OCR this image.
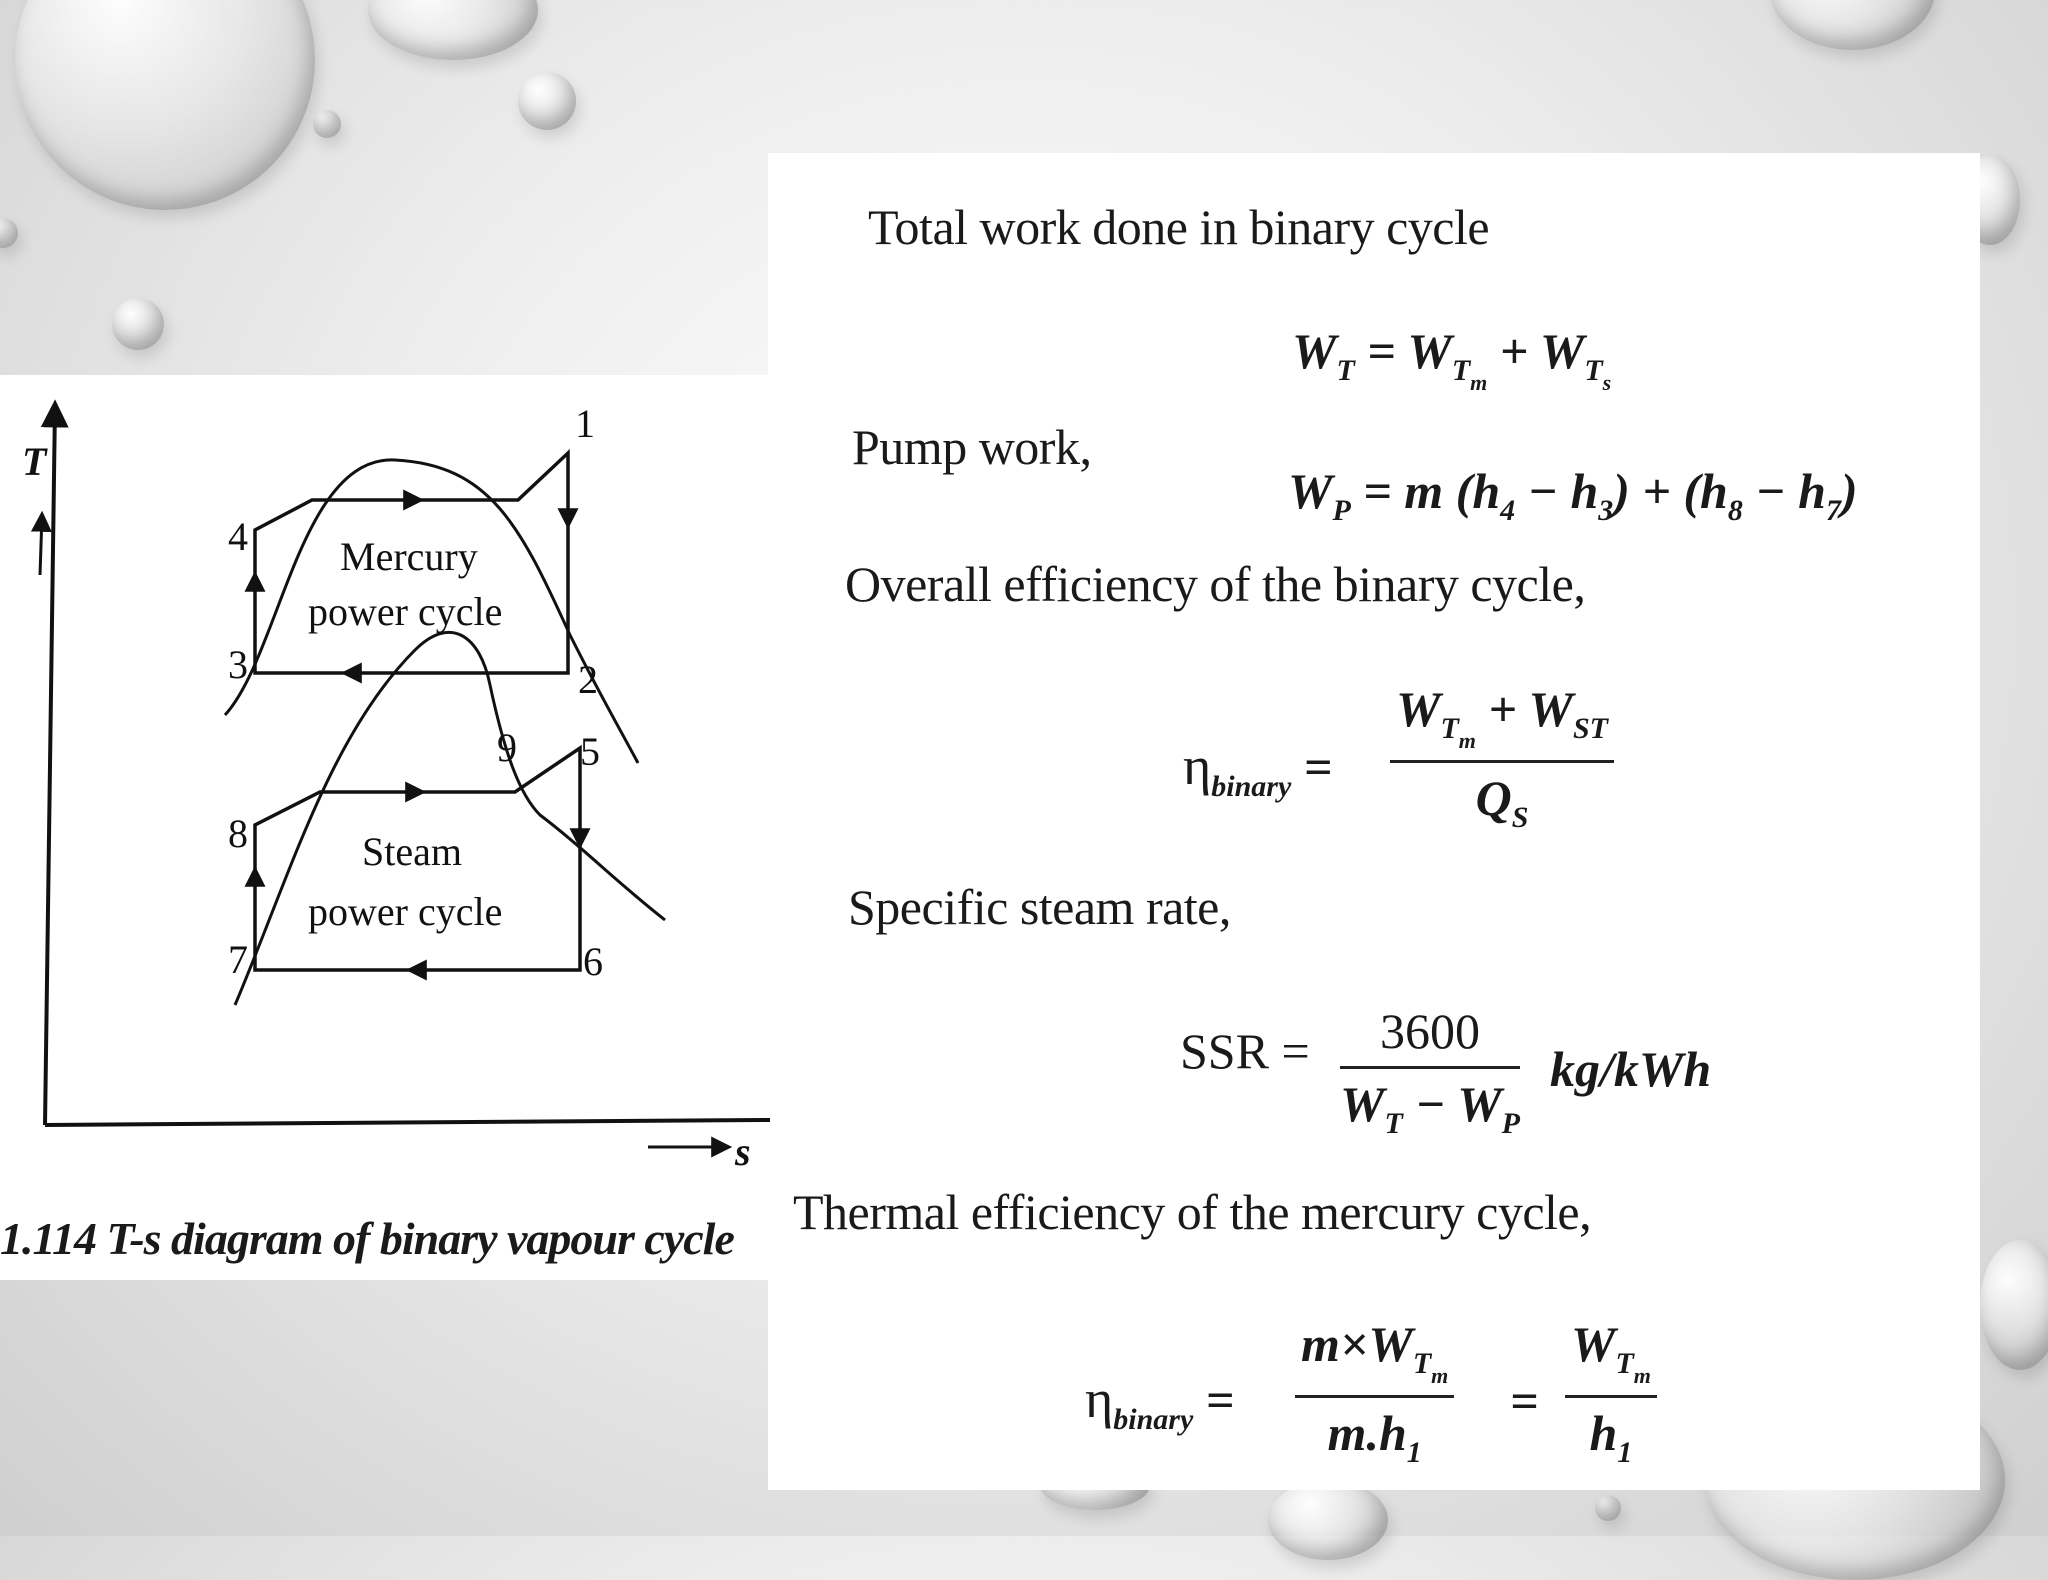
T
s
1
2
3
4
5
6
7
8
9
Mercury
power cycle
Steam
power cycle
1.114 T-s diagram of binary vapour cycle
Total work done in binary cycle
$W_T = W_{T_m} + W_{T_s}$
Pump work,
$W_P = m$ $(h_4 - h_3) + (h_8 - h_7)$
Overall efficiency of the binary cycle,
$\eta_{binary}$ =
$W_{T_m} + W_{ST}$
$Q_S$
Specific steam rate,
SSR = $\frac{3600}{W_T - W_P} kg/kWh$
Thermal efficiency of the mercury cycle,
$\eta_{binary}$ =
$m\times W_{T_m}$
$m.h_1$
=
$W_{T_m}$
$h_1$
